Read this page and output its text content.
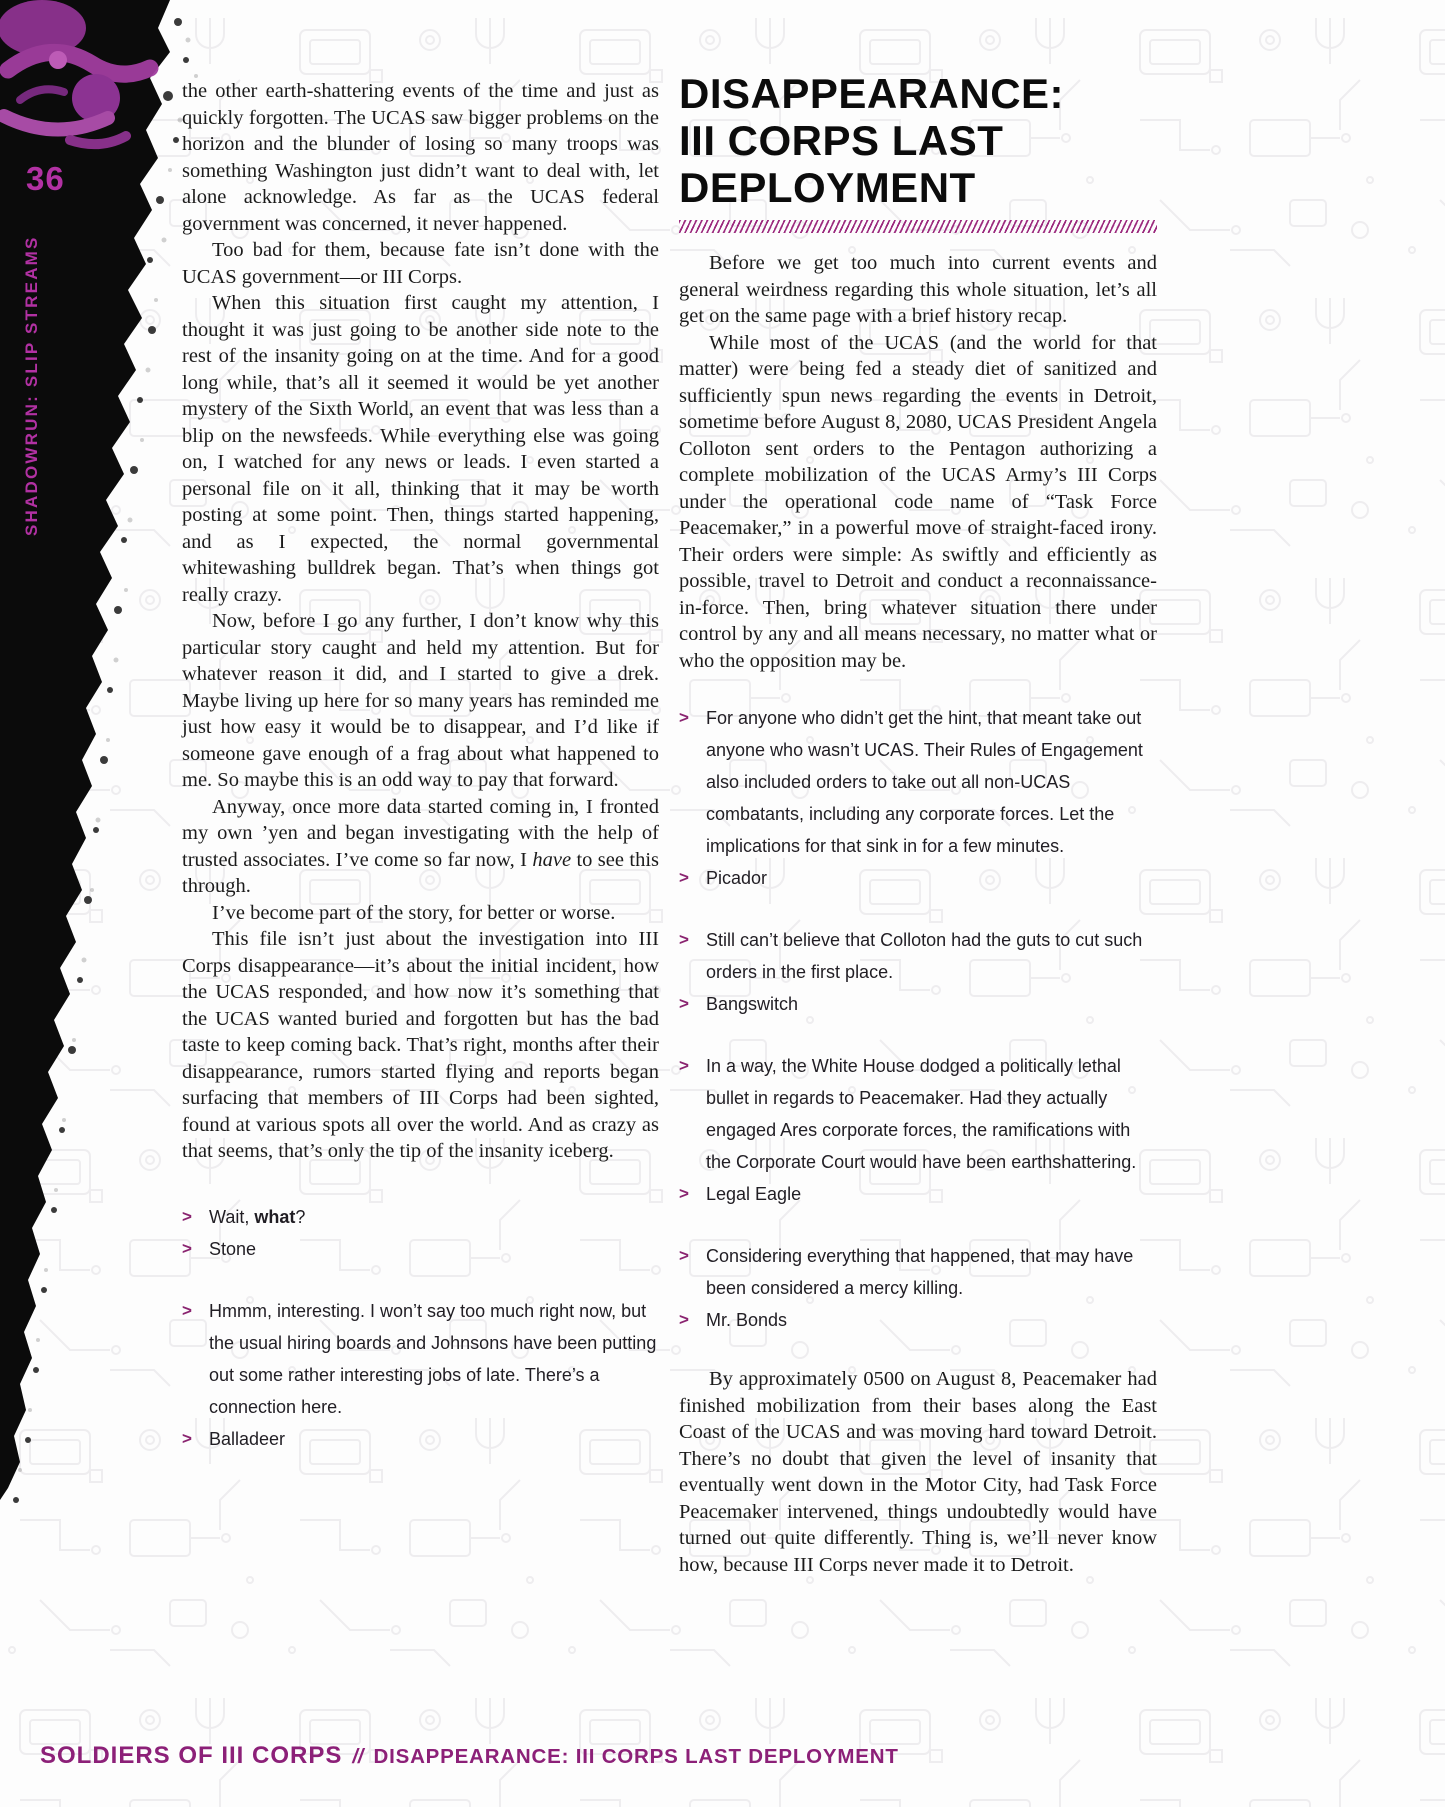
36
SHADOWRUN: SLIP STREAMS

the other earth-shattering events of the time and just as quickly forgotten. The UCAS saw bigger problems on the horizon and the blunder of losing so many troops was something Washington just didn’t want to deal with, let alone acknowledge. As far as the UCAS federal government was concerned, it never happened.

Too bad for them, because fate isn’t done with the UCAS government—or III Corps.

When this situation first caught my attention, I thought it was just going to be another side note to the rest of the insanity going on at the time. And for a good long while, that’s all it seemed it would be yet another mystery of the Sixth World, an event that was less than a blip on the newsfeeds. While everything else was going on, I watched for any news or leads. I even started a personal file on it all, thinking that it may be worth posting at some point. Then, things started happening, and as I expected, the normal governmental whitewashing bulldrek began. That’s when things got really crazy.

Now, before I go any further, I don’t know why this particular story caught and held my attention. But for whatever reason it did, and I started to give a drek. Maybe living up here for so many years has reminded me just how easy it would be to disappear, and I’d like if someone gave enough of a frag about what happened to me. So maybe this is an odd way to pay that forward.

Anyway, once more data started coming in, I fronted my own ’yen and began investigating with the help of trusted associates. I’ve come so far now, I have to see this through.

I’ve become part of the story, for better or worse.

This file isn’t just about the investigation into III Corps disappearance—it’s about the initial incident, how the UCAS responded, and how now it’s something that the UCAS wanted buried and forgotten but has the bad taste to keep coming back. That’s right, months after their disappearance, rumors started flying and reports began surfacing that members of III Corps had been sighted, found at various spots all over the world. And as crazy as that seems, that’s only the tip of the insanity iceberg.

> Wait, what?
> Stone
> Hmmm, interesting. I won’t say too much right now, but the usual hiring boards and Johnsons have been putting out some rather interesting jobs of late. There’s a connection here.
> Balladeer
DISAPPEARANCE:
III CORPS LAST
DEPLOYMENT

Before we get too much into current events and general weirdness regarding this whole situation, let’s all get on the same page with a brief history recap.

While most of the UCAS (and the world for that matter) were being fed a steady diet of sanitized and sufficiently spun news regarding the events in Detroit, sometime before August 8, 2080, UCAS President Angela Colloton sent orders to the Pentagon authorizing a complete mobilization of the UCAS Army’s III Corps under the operational code name of “Task Force Peacemaker,” in a powerful move of straight-faced irony. Their orders were simple: As swiftly and efficiently as possible, travel to Detroit and conduct a reconnaissance-in-force. Then, bring whatever situation there under control by any and all means necessary, no matter what or who the opposition may be.

> For anyone who didn’t get the hint, that meant take out anyone who wasn’t UCAS. Their Rules of Engagement also included orders to take out all non-UCAS combatants, including any corporate forces. Let the implications for that sink in for a few minutes.
> Picador
> Still can’t believe that Colloton had the guts to cut such orders in the first place.
> Bangswitch
> In a way, the White House dodged a politically lethal bullet in regards to Peacemaker. Had they actually engaged Ares corporate forces, the ramifications with the Corporate Court would have been earthshattering.
> Legal Eagle
> Considering everything that happened, that may have been considered a mercy killing.
> Mr. Bonds

By approximately 0500 on August 8, Peacemaker had finished mobilization from their bases along the East Coast of the UCAS and was moving hard toward Detroit. There’s no doubt that given the level of insanity that eventually went down in the Motor City, had Task Force Peacemaker intervened, things undoubtedly would have turned out quite differently. Thing is, we’ll never know how, because III Corps never made it to Detroit.

SOLDIERS OF III CORPS // DISAPPEARANCE: III CORPS LAST DEPLOYMENT
